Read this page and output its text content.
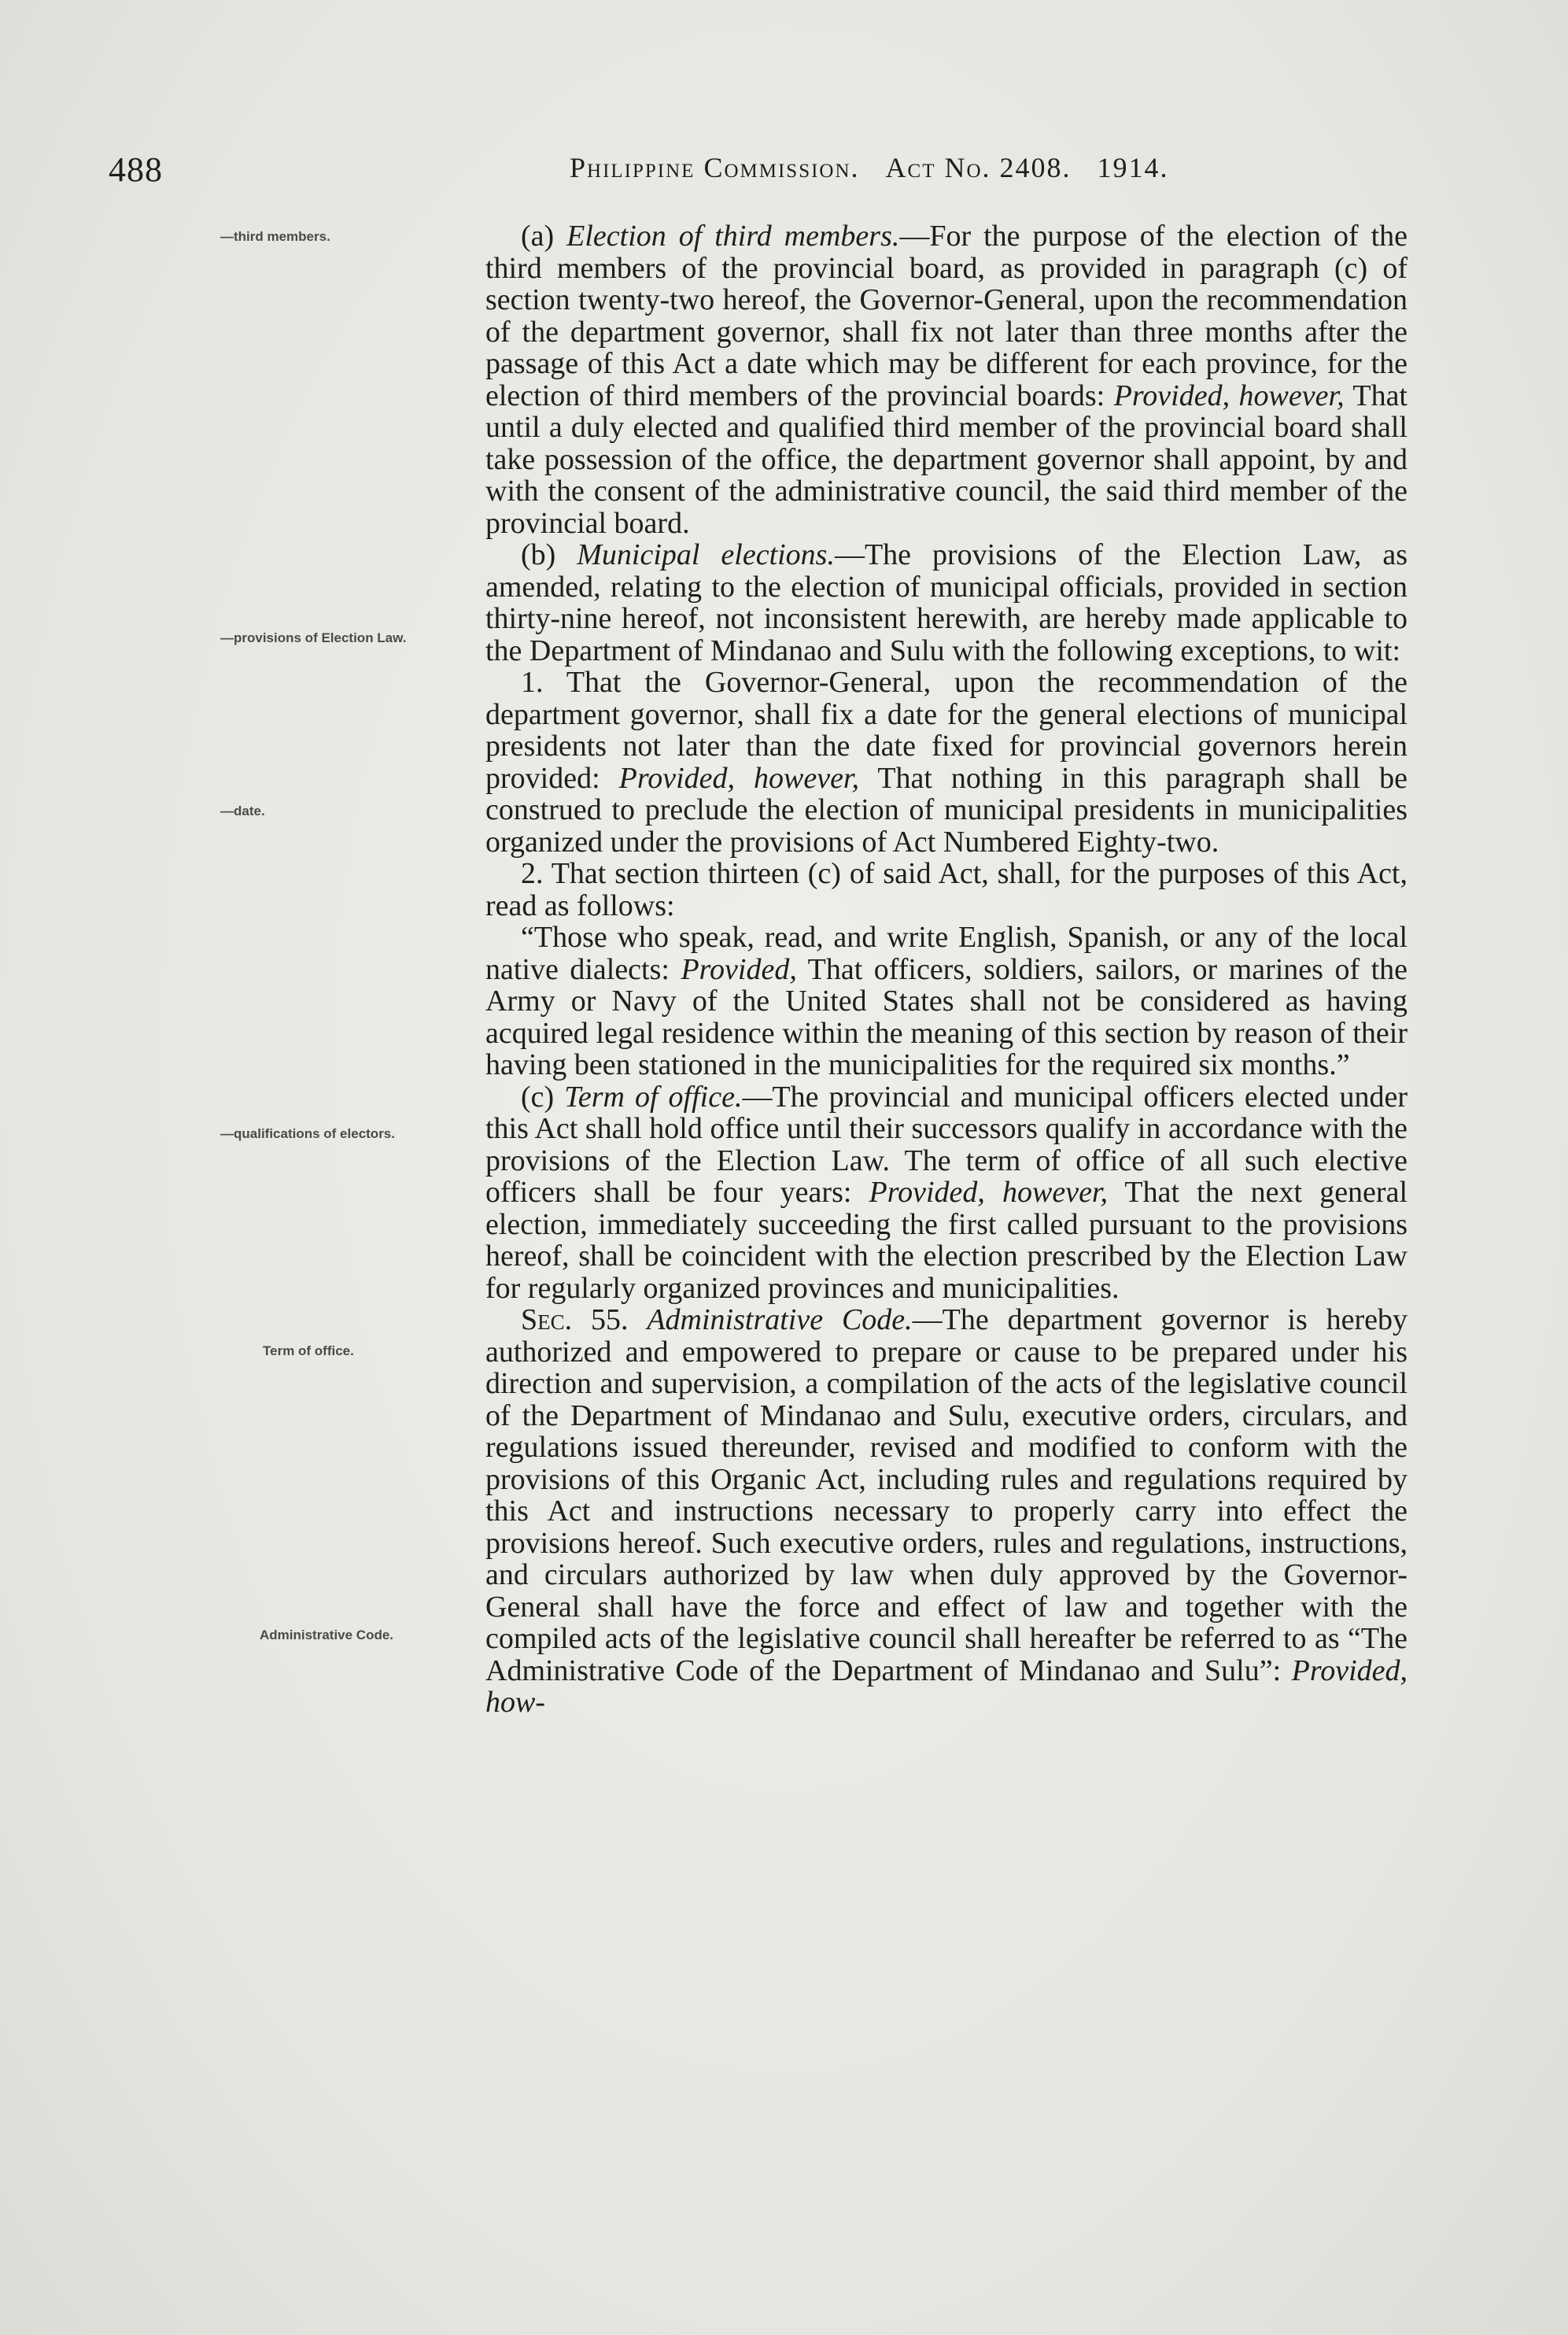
488	Philippine Commission. Act No. 2408. 1914.
—third members.
—provisions of Election Law.
—date.
—qualifications of electors.
Term of office.
Administrative Code.

(a) Election of third members.—For the purpose of the election of the third members of the provincial board, as provided in paragraph (c) of section twenty-two hereof, the Governor-General, upon the recommendation of the department governor, shall fix not later than three months after the passage of this Act a date which may be different for each province, for the election of third members of the provincial boards: Provided, however, That until a duly elected and qualified third member of the provincial board shall take possession of the office, the department governor shall appoint, by and with the consent of the administrative council, the said third member of the provincial board.

(b) Municipal elections.—The provisions of the Election Law, as amended, relating to the election of municipal officials, provided in section thirty-nine hereof, not inconsistent herewith, are hereby made applicable to the Department of Mindanao and Sulu with the following exceptions, to wit:

1. That the Governor-General, upon the recommendation of the department governor, shall fix a date for the general elections of municipal presidents not later than the date fixed for provincial governors herein provided: Provided, however, That nothing in this paragraph shall be construed to preclude the election of municipal presidents in municipalities organized under the provisions of Act Numbered Eighty-two.

2. That section thirteen (c) of said Act, shall, for the purposes of this Act, read as follows:

“Those who speak, read, and write English, Spanish, or any of the local native dialects: Provided, That officers, soldiers, sailors, or marines of the Army or Navy of the United States shall not be considered as having acquired legal residence within the meaning of this section by reason of their having been stationed in the municipalities for the required six months.”

(c) Term of office.—The provincial and municipal officers elected under this Act shall hold office until their successors qualify in accordance with the provisions of the Election Law. The term of office of all such elective officers shall be four years: Provided, however, That the next general election, immediately succeeding the first called pursuant to the provisions hereof, shall be coincident with the election prescribed by the Election Law for regularly organized provinces and municipalities.

Sec. 55. Administrative Code.—The department governor is hereby authorized and empowered to prepare or cause to be prepared under his direction and supervision, a compilation of the acts of the legislative council of the Department of Mindanao and Sulu, executive orders, circulars, and regulations issued thereunder, revised and modified to conform with the provisions of this Organic Act, including rules and regulations required by this Act and instructions necessary to properly carry into effect the provisions hereof. Such executive orders, rules and regulations, instructions, and circulars authorized by law when duly approved by the Governor-General shall have the force and effect of law and together with the compiled acts of the legislative council shall hereafter be referred to as “The Administrative Code of the Department of Mindanao and Sulu”: Provided, how-
